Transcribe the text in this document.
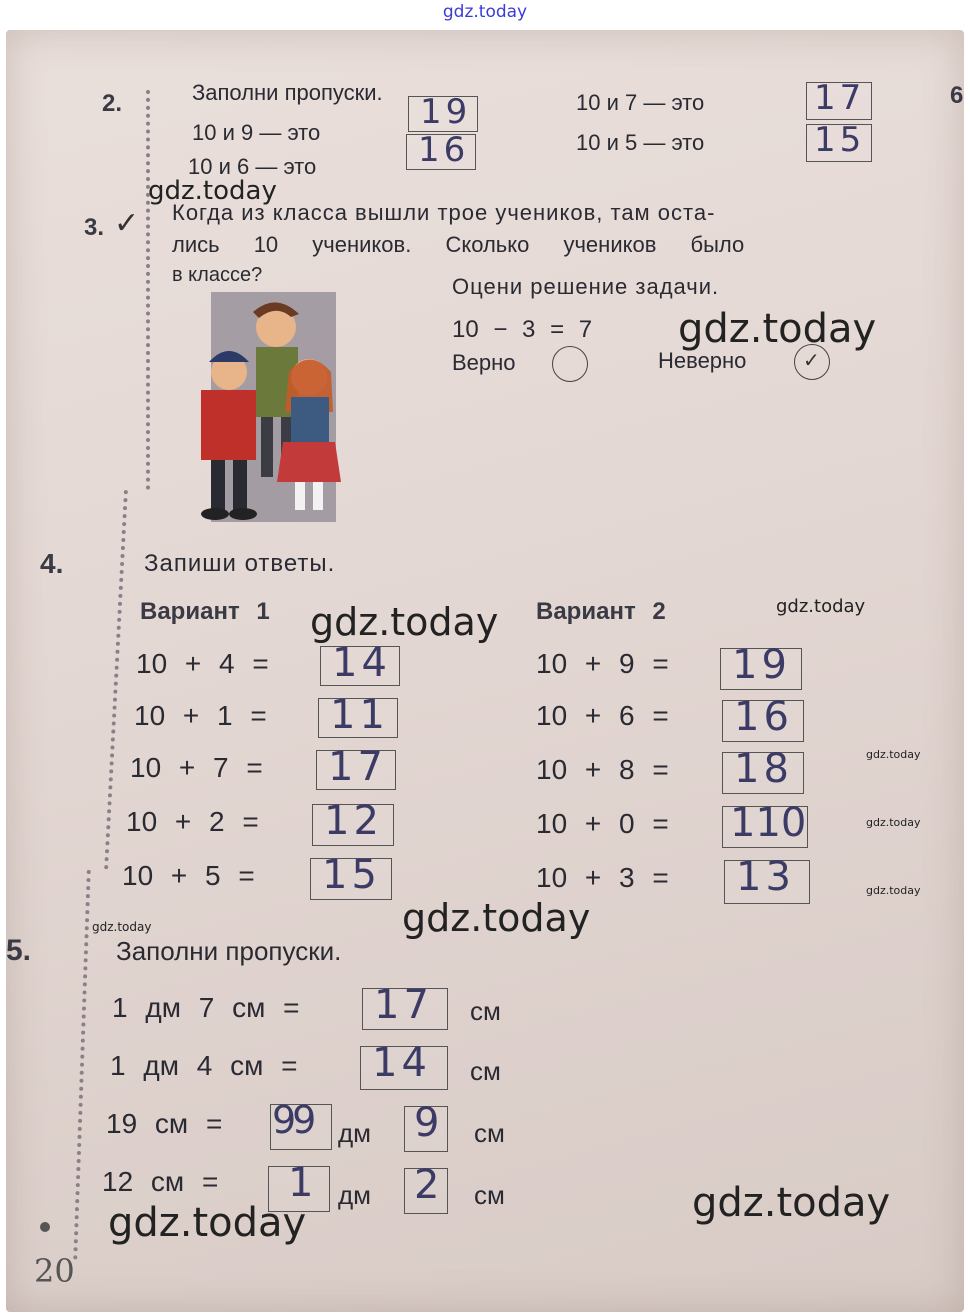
gdz.today
6
2.	Заполни пропуски.
10 и 9 — это
19
10 и 6 — это	16
10 и 7 — это	17
10 и 5 — это	15
3. ✓ Когда из класса вышли трое учеников, там оста-
лись 10 учеников. Сколько учеников было
в классе?	Оцени решение задачи.
10 − 3 = 7
Верно	Неверно	✓
4.	Запиши ответы.
Вариант 1	Вариант 2
10 + 4 = 14
10 + 1 = 11
10 + 7 = 17
10 + 2 = 12
10 + 5 = 15
10 + 9 = 19
10 + 6 = 16
10 + 8 = 18
10 + 0 = 110
10 + 3 = 13
5.	Заполни пропуски.
1 дм 7 см = 17 см
1 дм 4 см = 14 см
19 см = 99 дм 9 см
12 см = 1 дм 2 см
20
gdz.today
gdz.today
gdz.today
gdz.today
gdz.today
gdz.today
gdz.today
gdz.today
gdz.today
gdz.today
gdz.today
